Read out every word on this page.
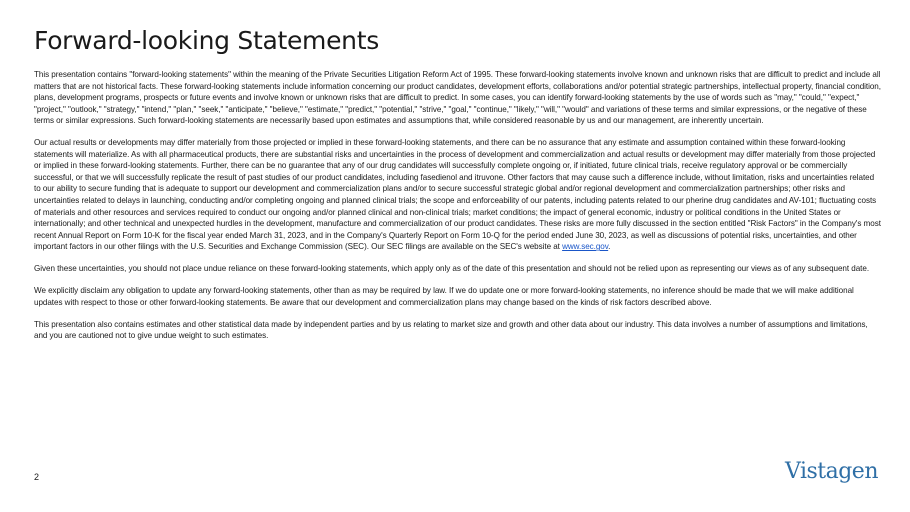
Forward-looking Statements

This presentation contains "forward-looking statements" within the meaning of the Private Securities Litigation Reform Act of 1995. These forward-looking statements involve known and unknown risks that are difficult to predict and include all matters that are not historical facts. These forward-looking statements include information concerning our product candidates, development efforts, collaborations and/or potential strategic partnerships, intellectual property, financial condition, plans, development programs, prospects or future events and involve known or unknown risks that are difficult to predict. In some cases, you can identify forward-looking statements by the use of words such as "may," "could," "expect," "project," "outlook," "strategy," "intend," "plan," "seek," "anticipate," "believe," "estimate," "predict," "potential," "strive," "goal," "continue," "likely," "will," "would" and variations of these terms and similar expressions, or the negative of these terms or similar expressions. Such forward-looking statements are necessarily based upon estimates and assumptions that, while considered reasonable by us and our management, are inherently uncertain.

Our actual results or developments may differ materially from those projected or implied in these forward-looking statements, and there can be no assurance that any estimate and assumption contained within these forward-looking statements will materialize. As with all pharmaceutical products, there are substantial risks and uncertainties in the process of development and commercialization and actual results or development may differ materially from those projected or implied in these forward-looking statements. Further, there can be no guarantee that any of our drug candidates will successfully complete ongoing or, if initiated, future clinical trials, receive regulatory approval or be commercially successful, or that we will successfully replicate the result of past studies of our product candidates, including fasedienol and itruvone. Other factors that may cause such a difference include, without limitation, risks and uncertainties related to our ability to secure funding that is adequate to support our development and commercialization plans and/or to secure successful strategic global and/or regional development and commercialization partnerships; other risks and uncertainties related to delays in launching, conducting and/or completing ongoing and planned clinical trials; the scope and enforceability of our patents, including patents related to our pherine drug candidates and AV-101; fluctuating costs of materials and other resources and services required to conduct our ongoing and/or planned clinical and non-clinical trials; market conditions; the impact of general economic, industry or political conditions in the United States or internationally; and other technical and unexpected hurdles in the development, manufacture and commercialization of our product candidates. These risks are more fully discussed in the section entitled "Risk Factors" in the Company's most recent Annual Report on Form 10-K for the fiscal year ended March 31, 2023, and in the Company's Quarterly Report on Form 10-Q for the period ended June 30, 2023, as well as discussions of potential risks, uncertainties, and other important factors in our other filings with the U.S. Securities and Exchange Commission (SEC). Our SEC filings are available on the SEC's website at www.sec.gov.

Given these uncertainties, you should not place undue reliance on these forward-looking statements, which apply only as of the date of this presentation and should not be relied upon as representing our views as of any subsequent date.

We explicitly disclaim any obligation to update any forward-looking statements, other than as may be required by law. If we do update one or more forward-looking statements, no inference should be made that we will make additional updates with respect to those or other forward-looking statements. Be aware that our development and commercialization plans may change based on the kinds of risk factors described above.

This presentation also contains estimates and other statistical data made by independent parties and by us relating to market size and growth and other data about our industry. This data involves a number of assumptions and limitations, and you are cautioned not to give undue weight to such estimates.

2	Vistagen
